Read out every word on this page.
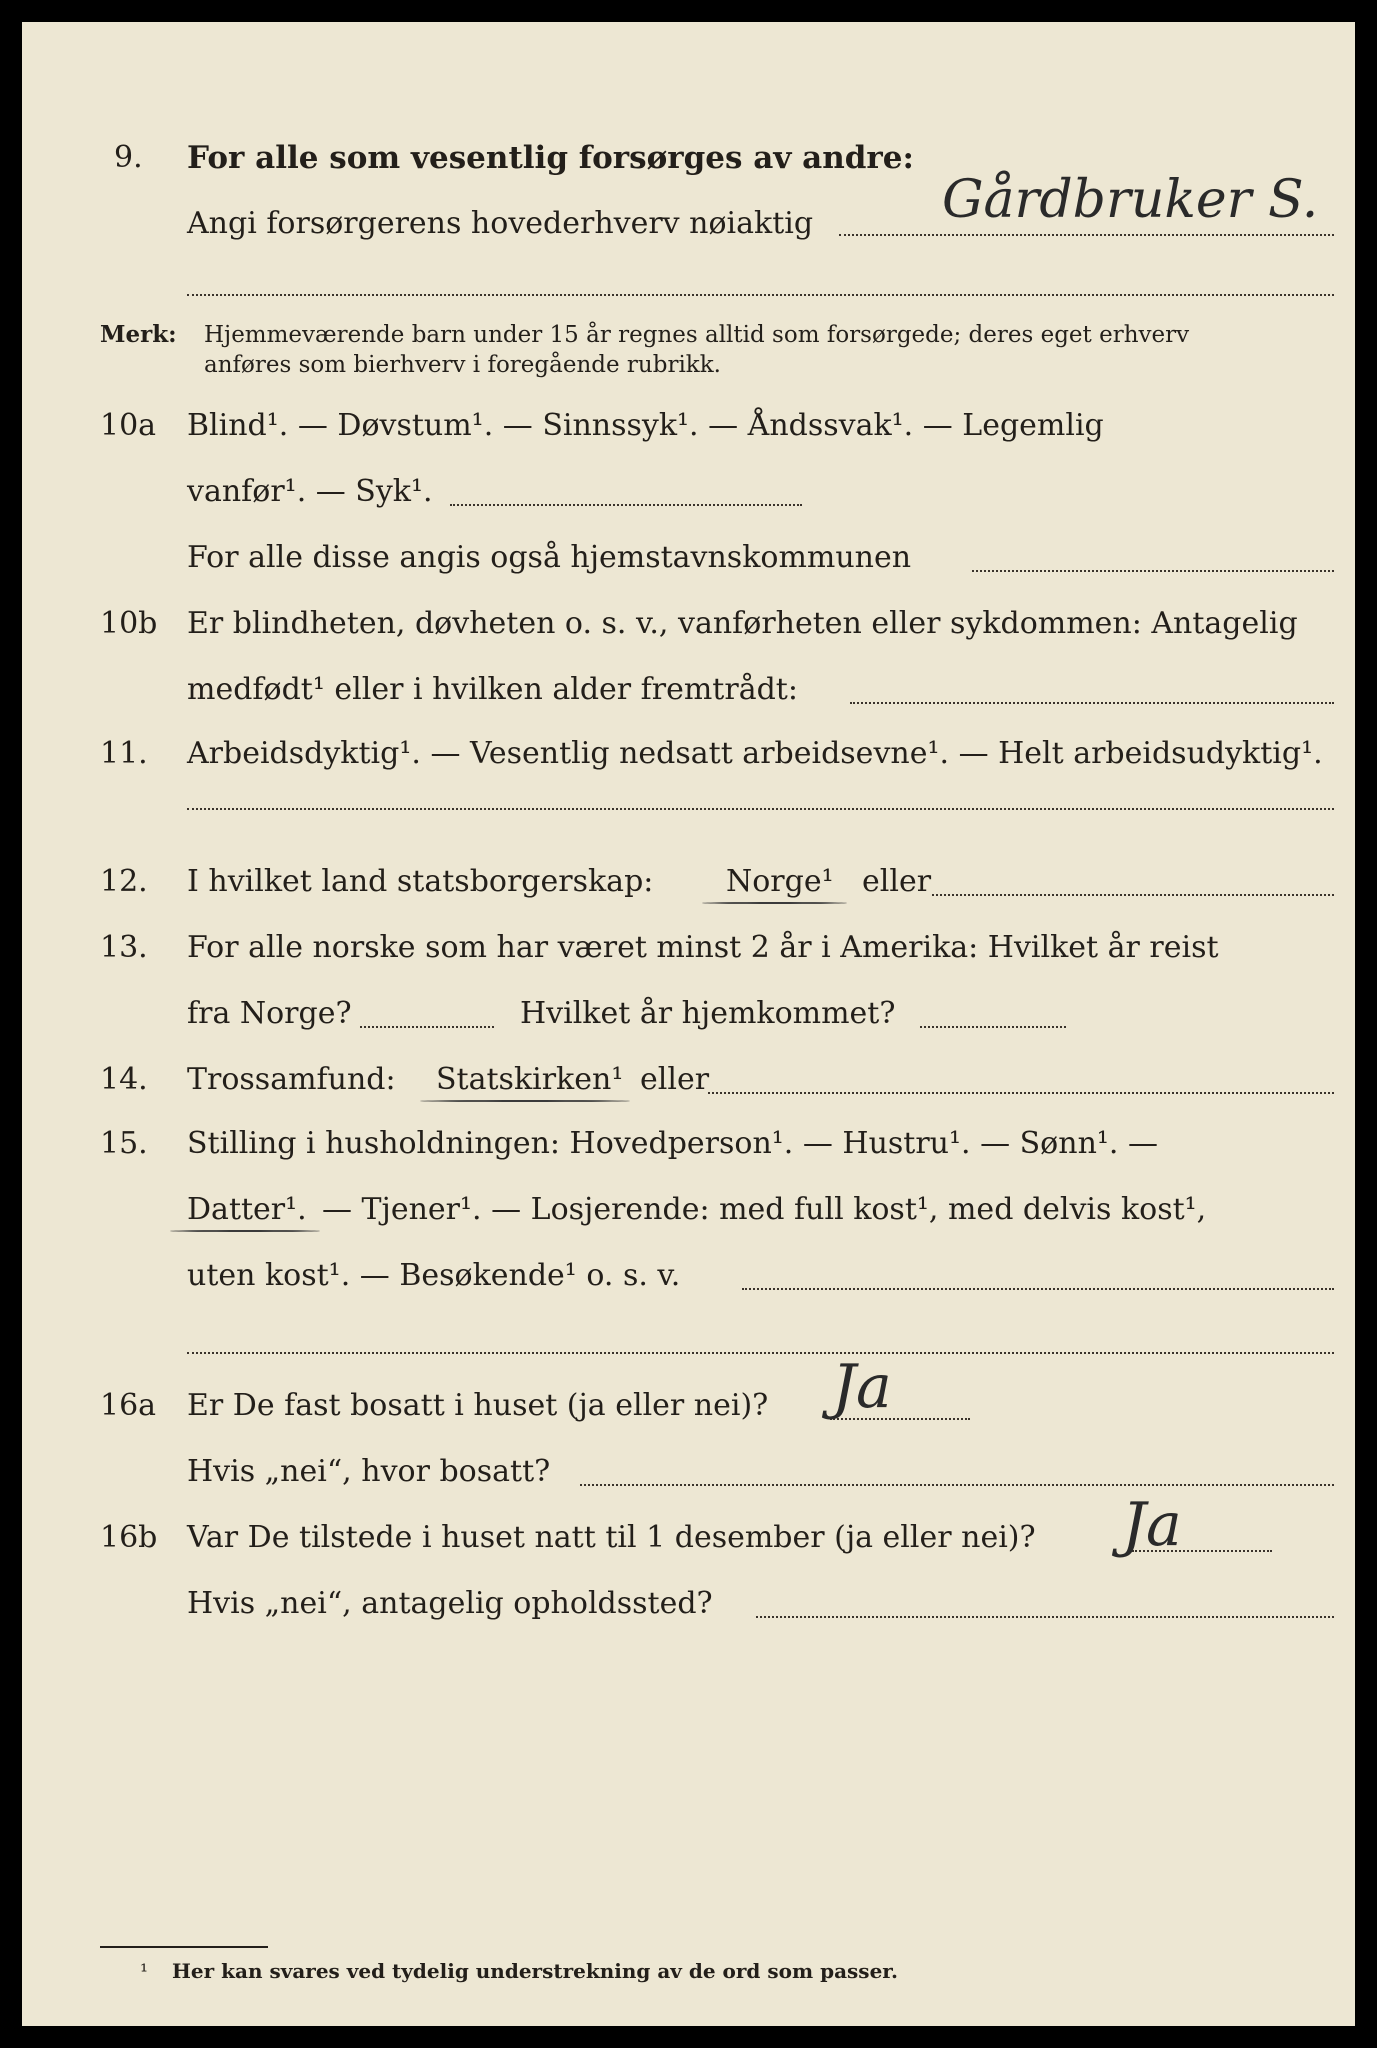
9. For alle som vesentlig forsørges av andre:
Angi forsørgerens hovederhverv nøiaktig Gårdbruker S.
Merk: Hjemmeværende barn under 15 år regnes alltid som forsørgede; deres eget erhverv
anføres som bierhverv i foregående rubrikk.
10a Blind¹. — Døvstum¹. — Sinnssyk¹. — Åndssvak¹. — Legemlig
vanfør¹. — Syk¹.
For alle disse angis også hjemstavnskommunen
10b Er blindheten, døvheten o. s. v., vanførheten eller sykdommen: Antagelig
medfødt¹ eller i hvilken alder fremtrådt:
11. Arbeidsdyktig¹. — Vesentlig nedsatt arbeidsevne¹. — Helt arbeidsudyktig¹.
12. I hvilket land statsborgerskap: Norge¹ eller
13. For alle norske som har været minst 2 år i Amerika: Hvilket år reist
fra Norge?	Hvilket år hjemkommet?
14. Trossamfund: Statskirken¹ eller
15. Stilling i husholdningen: Hovedperson¹. — Hustru¹. — Sønn¹. —
Datter¹. — Tjener¹. — Losjerende: med full kost¹, med delvis kost¹,
uten kost¹. — Besøkende¹ o. s. v.
16a Er De fast bosatt i huset (ja eller nei)? Ja
Hvis „nei“, hvor bosatt?
16b Var De tilstede i huset natt til 1 desember (ja eller nei)? Ja
Hvis „nei“, antagelig opholdssted?
¹ Her kan svares ved tydelig understrekning av de ord som passer.
